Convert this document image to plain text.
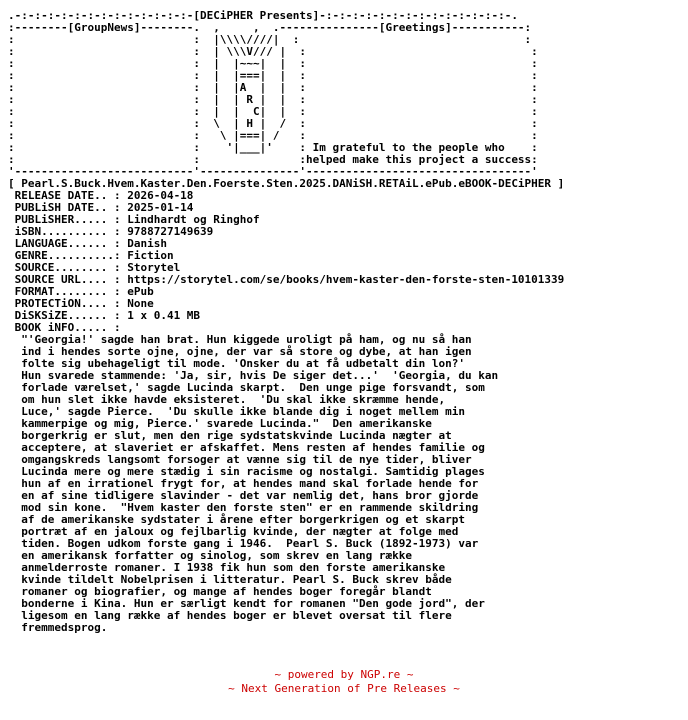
.-:-:-:-:-:-:-:-:-:-:-:-:-:-[DECiPHER Presents]-:-:-:-:-:-:-:-:-:-:-:-:-:-:-.
:--------[GroupNews]--------.  ,     ,  .---------------[Greetings]-----------:
:                           :  |\\\\////|  :                                  :
:                           :  | \\\V/// |  :                                  :
:                           :  |  |~~~|  |  :                                  :
:                           :  |  |===|  |  :                                  :
:                           :  |  |A  |  |  :                                  :
:                           :  |  | R |  |  :                                  :
:                           :  |  |  C|  |  :                                  :
:                           :  \  | H |  /  :                                  :
:                           :   \ |===| /   :                                  :
:                           :    '|___|'    : Im grateful to the people who    :
:                           :               :helped make this project a success:
'---------------------------'---------------'----------------------------------'
[ Pearl.S.Buck.Hvem.Kaster.Den.Foerste.Sten.2025.DANiSH.RETAiL.ePub.eBOOK-DECiPHER ]
RELEASE DATE.. : 2026-04-18
PUBLiSH DATE.. : 2025-01-14
PUBLiSHER..... : Lindhardt og Ringhof
iSBN.......... : 9788727149639
LANGUAGE...... : Danish
GENRE..........: Fiction
SOURCE........ : Storytel
SOURCE URL.... : https://storytel.com/se/books/hvem-kaster-den-forste-sten-10101339
FORMAT........ : ePub
PROTECTiON.... : None
DiSKSiZE...... : 1 x 0.41 MB
BOOK iNFO..... :
"'Georgia!' sagde han brat. Hun kiggede uroligt på ham, og nu så han
ind i hendes sorte ojne, ojne, der var så store og dybe, at han igen
folte sig ubehageligt til mode. 'Onsker du at få udbetalt din lon?'
Hun svarede stammende: 'Ja, sir, hvis De siger det...'  'Georgia, du kan
forlade værelset,' sagde Lucinda skarpt.  Den unge pige forsvandt, som
om hun slet ikke havde eksisteret.  'Du skal ikke skræmme hende,
Luce,' sagde Pierce.  'Du skulle ikke blande dig i noget mellem min
kammerpige og mig, Pierce.' svarede Lucinda."  Den amerikanske
borgerkrig er slut, men den rige sydstatskvinde Lucinda nægter at
acceptere, at slaveriet er afskaffet. Mens resten af hendes familie og
omgangskreds langsomt forsoger at vænne sig til de nye tider, bliver
Lucinda mere og mere stædig i sin racisme og nostalgi. Samtidig plages
hun af en irrationel frygt for, at hendes mand skal forlade hende for
en af sine tidligere slavinder - det var nemlig det, hans bror gjorde
mod sin kone.  "Hvem kaster den forste sten" er en rammende skildring
af de amerikanske sydstater i årene efter borgerkrigen og et skarpt
portræt af en jaloux og fejlbarlig kvinde, der nægter at folge med
tiden. Bogen udkom forste gang i 1946.  Pearl S. Buck (1892-1973) var
en amerikansk forfatter og sinolog, som skrev en lang række
anmelderroste romaner. I 1938 fik hun som den forste amerikanske
kvinde tildelt Nobelprisen i litteratur. Pearl S. Buck skrev både
romaner og biografier, og mange af hendes boger foregår blandt
bonderne i Kina. Hun er særligt kendt for romanen "Den gode jord", der
ligesom en lang række af hendes boger er blevet oversat til flere
fremmedsprog.
~ powered by NGP.re ~
~ Next Generation of Pre Releases ~
